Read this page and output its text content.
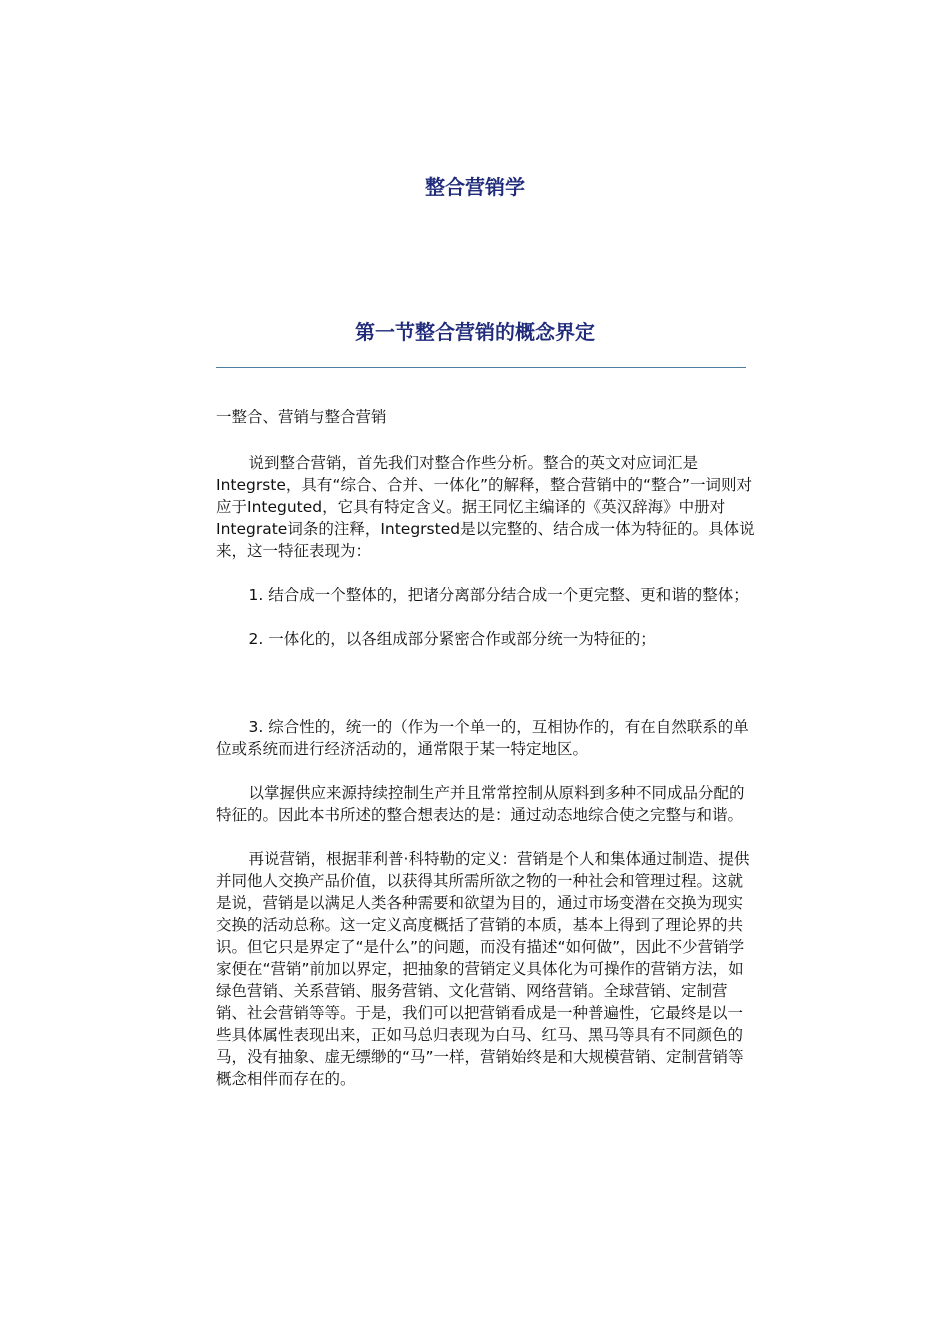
整合营销学
第一节整合营销的概念界定

一整合、营销与整合营销

说到整合营销，首先我们对整合作些分析。整合的英文对应词汇是Integrste，具有“综合、合并、一体化”的解释，整合营销中的“整合”一词则对应于Integuted，它具有特定含义。据王同忆主编译的《英汉辞海》中册对Integrate词条的注释，Integrsted是以完整的、结合成一体为特征的。具体说来，这一特征表现为：

1. 结合成一个整体的，把诸分离部分结合成一个更完整、更和谐的整体；

2. 一体化的，以各组成部分紧密合作或部分统一为特征的；

3. 综合性的，统一的（作为一个单一的，互相协作的，有在自然联系的单位或系统而进行经济活动的，通常限于某一特定地区。

以掌握供应来源持续控制生产并且常常控制从原料到多种不同成品分配的特征的。因此本书所述的整合想表达的是：通过动态地综合使之完整与和谐。

再说营销，根据菲利普·科特勒的定义：营销是个人和集体通过制造、提供并同他人交换产品价值，以获得其所需所欲之物的一种社会和管理过程。这就是说，营销是以满足人类各种需要和欲望为目的，通过市场变潜在交换为现实交换的活动总称。这一定义高度概括了营销的本质，基本上得到了理论界的共识。但它只是界定了“是什么”的问题，而没有描述“如何做”，因此不少营销学家便在“营销”前加以界定，把抽象的营销定义具体化为可操作的营销方法，如绿色营销、关系营销、服务营销、文化营销、网络营销。全球营销、定制营销、社会营销等等。于是，我们可以把营销看成是一种普遍性，它最终是以一些具体属性表现出来，正如马总归表现为白马、红马、黑马等具有不同颜色的马，没有抽象、虚无缥缈的“马”一样，营销始终是和大规模营销、定制营销等概念相伴而存在的。
